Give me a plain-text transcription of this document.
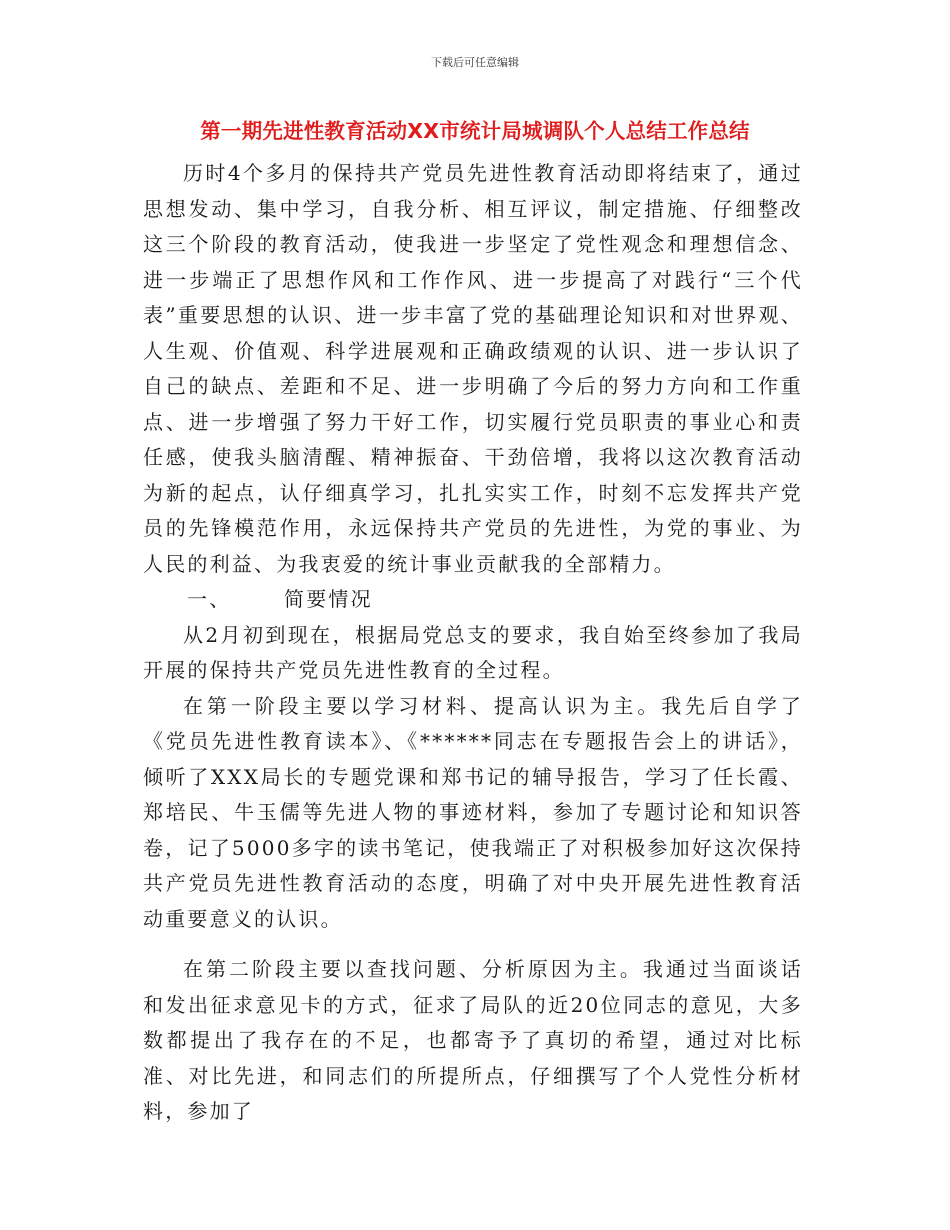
下载后可任意编辑
第一期先进性教育活动XX市统计局城调队个人总结工作总结

历时4个多月的保持共产党员先进性教育活动即将结束了，通过思想发动、集中学习，自我分析、相互评议，制定措施、仔细整改这三个阶段的教育活动，使我进一步坚定了党性观念和理想信念、进一步端正了思想作风和工作作风、进一步提高了对践行“三个代表”重要思想的认识、进一步丰富了党的基础理论知识和对世界观、人生观、价值观、科学进展观和正确政绩观的认识、进一步认识了自己的缺点、差距和不足、进一步明确了今后的努力方向和工作重点、进一步增强了努力干好工作，切实履行党员职责的事业心和责任感，使我头脑清醒、精神振奋、干劲倍增，我将以这次教育活动为新的起点，认仔细真学习，扎扎实实工作，时刻不忘发挥共产党员的先锋模范作用，永远保持共产党员的先进性，为党的事业、为人民的利益、为我衷爱的统计事业贡献我的全部精力。

一、	简要情况

从2月初到现在，根据局党总支的要求，我自始至终参加了我局开展的保持共产党员先进性教育的全过程。

在第一阶段主要以学习材料、提高认识为主。我先后自学了《党员先进性教育读本》、《******同志在专题报告会上的讲话》，倾听了XXX局长的专题党课和郑书记的辅导报告，学习了任长霞、郑培民、牛玉儒等先进人物的事迹材料，参加了专题讨论和知识答卷，记了5000多字的读书笔记，使我端正了对积极参加好这次保持共产党员先进性教育活动的态度，明确了对中央开展先进性教育活动重要意义的认识。

在第二阶段主要以查找问题、分析原因为主。我通过当面谈话和发出征求意见卡的方式，征求了局队的近20位同志的意见，大多数都提出了我存在的不足，也都寄予了真切的希望，通过对比标准、对比先进，和同志们的所提所点，仔细撰写了个人党性分析材料，参加了
